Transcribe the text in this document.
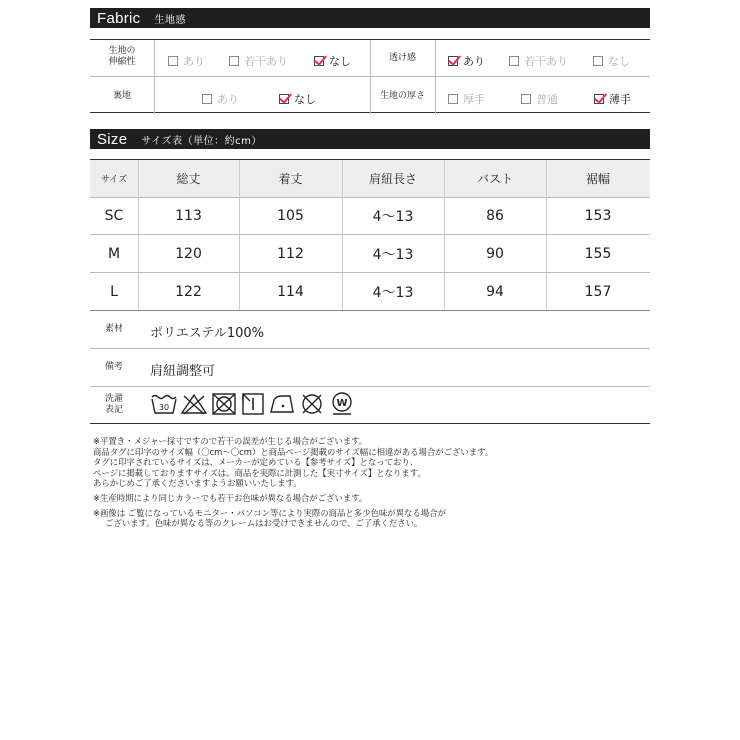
Fabric 生地感
生地の
伸縮性	あり	若干あり	なし	透け感	あり	若干あり	なし
裏地	あり	なし	生地の厚さ	厚手	普通	薄手
Size サイズ表（単位：約cm）
サイズ	総丈	着丈	肩紐長さ	バスト	裾幅
SC	113	105	4〜13	86	153
M	120	112	4〜13	90	155
L	122	114	4〜13	94	157
素材	ポリエステル100%
備考	肩紐調整可
洗濯
表記	30	W
※平置き・メジャー採寸ですので若干の誤差が生じる場合がございます。
商品タグに印字のサイズ幅（〇cm〜〇cm）と商品ページ掲載のサイズ幅に相違がある場合がございます。
タグに印字されているサイズは、メーカーが定めている【参考サイズ】となっており、
ページに掲載しておりますサイズは、商品を実際に計測した【実寸サイズ】となります。
あらかじめご了承くださいますようお願いいたします。
※生産時期により同じカラーでも若干お色味が異なる場合がございます。
※画像は ご覧になっているモニター・パソコン等により実際の商品と多少色味が異なる場合が
ございます。色味が異なる等のクレームはお受けできませんので、ご了承ください。
